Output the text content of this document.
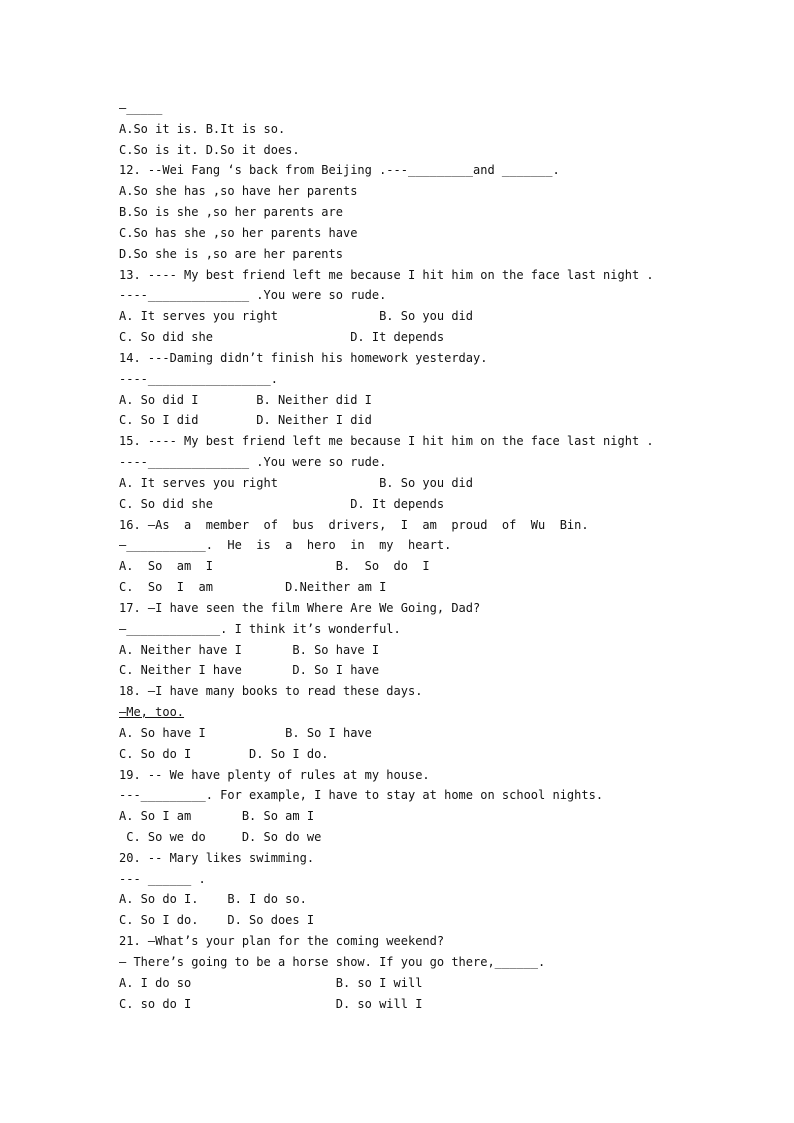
—_____
A.So it is. B.It is so.
C.So is it. D.So it does.
12. --Wei Fang ‘s back from Beijing .---_________and _______.
A.So she has ,so have her parents
B.So is she ,so her parents are
C.So has she ,so her parents have
D.So she is ,so are her parents
13. ---- My best friend left me because I hit him on the face last night .
----______________ .You were so rude.
A. It serves you right              B. So you did
C. So did she                   D. It depends
14. ---Daming didn’t finish his homework yesterday.
----_________________.
A. So did I        B. Neither did I
C. So I did        D. Neither I did
15. ---- My best friend left me because I hit him on the face last night .
----______________ .You were so rude.
A. It serves you right              B. So you did
C. So did she                   D. It depends
16. —As  a  member  of  bus  drivers,  I  am  proud  of  Wu  Bin.
—___________.  He  is  a  hero  in  my  heart.
A.  So  am  I                 B.  So  do  I
C.  So  I  am          D.Neither am I
17. —I have seen the film Where Are We Going, Dad?
—_____________. I think it’s wonderful.
A. Neither have I       B. So have I
C. Neither I have       D. So I have
18. —I have many books to read these days.
—Me, too.
A. So have I           B. So I have
C. So do I        D. So I do.
19. -- We have plenty of rules at my house.
---_________. For example, I have to stay at home on school nights.
A. So I am       B. So am I
C. So we do     D. So do we
20. -- Mary likes swimming.
--- ______ .
A. So do I.    B. I do so.
C. So I do.    D. So does I
21. —What’s your plan for the coming weekend?
— There’s going to be a horse show. If you go there,______.
A. I do so                    B. so I will
C. so do I                    D. so will I
